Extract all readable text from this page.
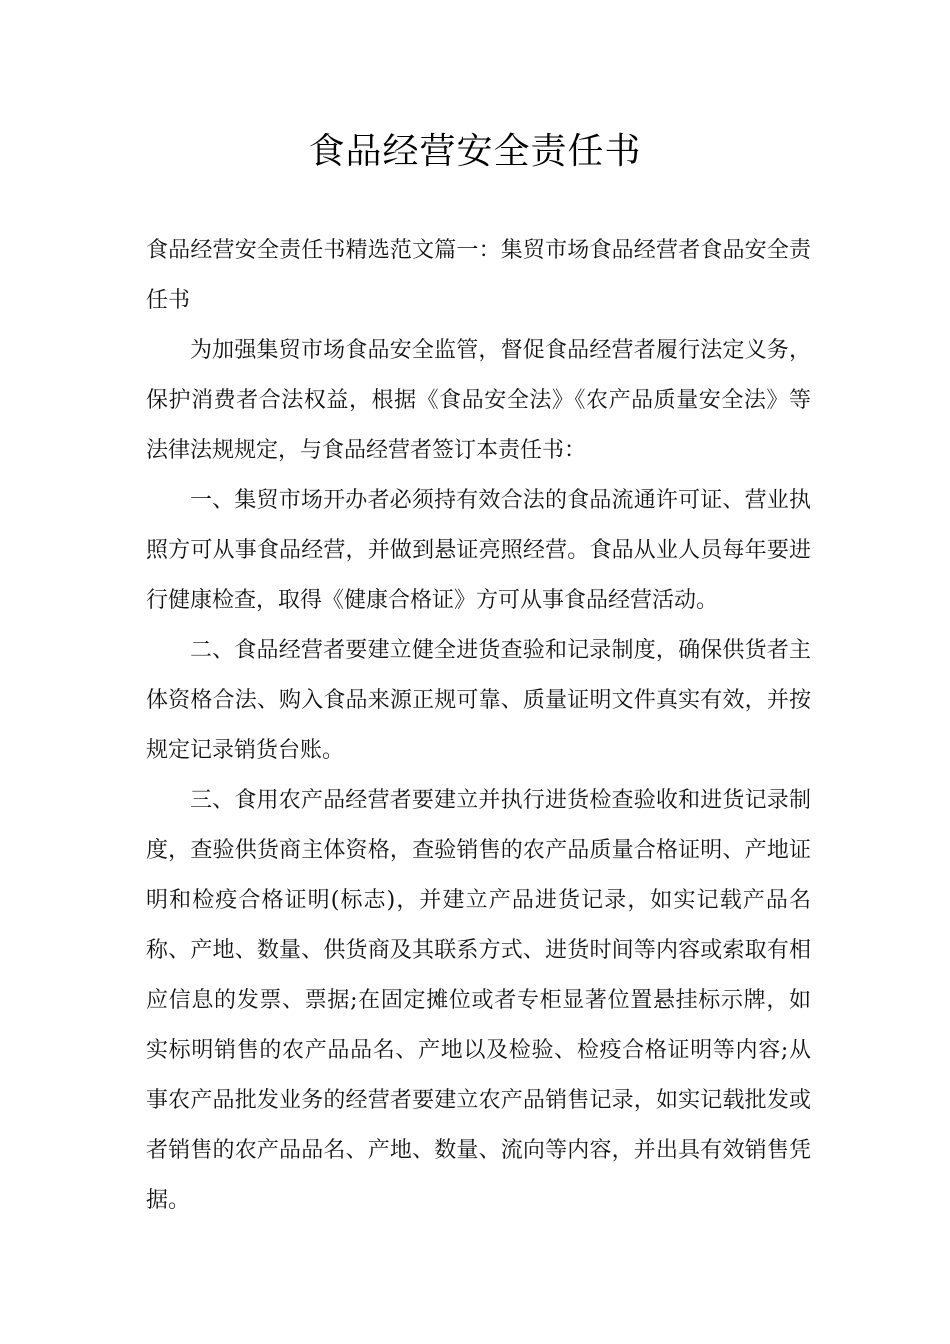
食品经营安全责任书

食品经营安全责任书精选范文篇一：集贸市场食品经营者食品安全责任书

为加强集贸市场食品安全监管，督促食品经营者履行法定义务，保护消费者合法权益，根据《食品安全法》《农产品质量安全法》等法律法规规定，与食品经营者签订本责任书：

一、集贸市场开办者必须持有效合法的食品流通许可证、营业执照方可从事食品经营，并做到悬证亮照经营。食品从业人员每年要进行健康检查，取得《健康合格证》方可从事食品经营活动。

二、食品经营者要建立健全进货查验和记录制度，确保供货者主体资格合法、购入食品来源正规可靠、质量证明文件真实有效，并按规定记录销货台账。

三、食用农产品经营者要建立并执行进货检查验收和进货记录制度，查验供货商主体资格，查验销售的农产品质量合格证明、产地证明和检疫合格证明(标志)，并建立产品进货记录，如实记载产品名称、产地、数量、供货商及其联系方式、进货时间等内容或索取有相应信息的发票、票据;在固定摊位或者专柜显著位置悬挂标示牌，如实标明销售的农产品品名、产地以及检验、检疫合格证明等内容;从事农产品批发业务的经营者要建立农产品销售记录，如实记载批发或者销售的农产品品名、产地、数量、流向等内容，并出具有效销售凭据。
